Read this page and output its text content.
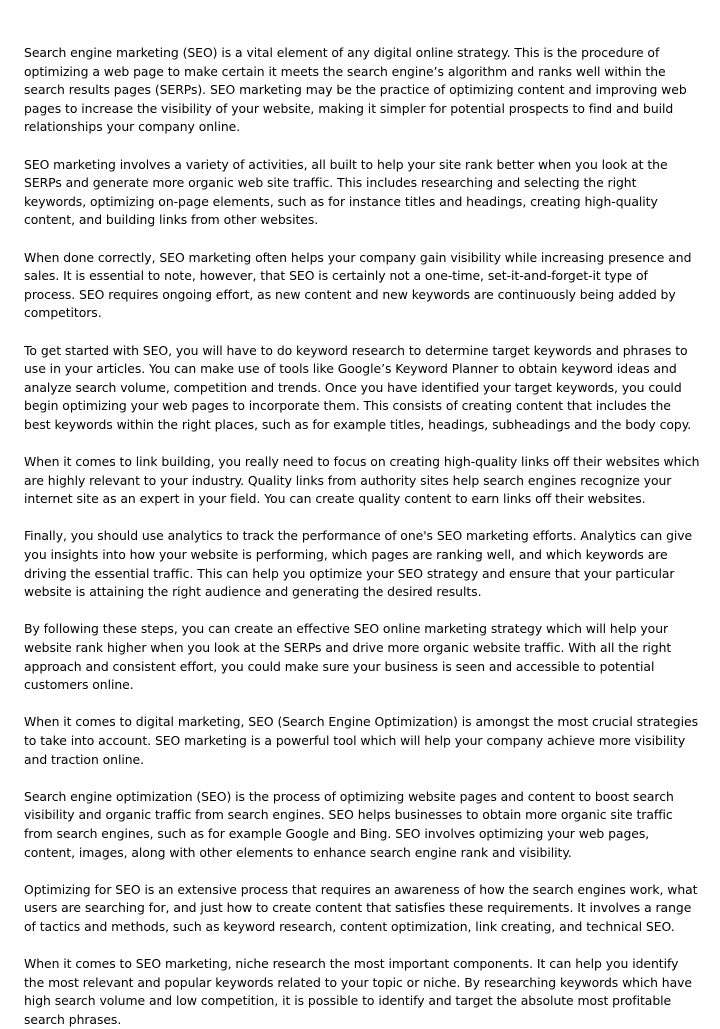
Search engine marketing (SEO) is a vital element of any digital online strategy. This is the procedure of optimizing a web page to make certain it meets the search engine’s algorithm and ranks well within the search results pages (SERPs). SEO marketing may be the practice of optimizing content and improving web pages to increase the visibility of your website, making it simpler for potential prospects to find and build relationships your company online.

SEO marketing involves a variety of activities, all built to help your site rank better when you look at the SERPs and generate more organic web site traffic. This includes researching and selecting the right keywords, optimizing on-page elements, such as for instance titles and headings, creating high-quality content, and building links from other websites.

When done correctly, SEO marketing often helps your company gain visibility while increasing presence and sales. It is essential to note, however, that SEO is certainly not a one-time, set-it-and-forget-it type of process. SEO requires ongoing effort, as new content and new keywords are continuously being added by competitors.

To get started with SEO, you will have to do keyword research to determine target keywords and phrases to use in your articles. You can make use of tools like Google’s Keyword Planner to obtain keyword ideas and analyze search volume, competition and trends. Once you have identified your target keywords, you could begin optimizing your web pages to incorporate them. This consists of creating content that includes the best keywords within the right places, such as for example titles, headings, subheadings and the body copy.

When it comes to link building, you really need to focus on creating high-quality links off their websites which are highly relevant to your industry. Quality links from authority sites help search engines recognize your internet site as an expert in your field. You can create quality content to earn links off their websites.

Finally, you should use analytics to track the performance of one's SEO marketing efforts. Analytics can give you insights into how your website is performing, which pages are ranking well, and which keywords are driving the essential traffic. This can help you optimize your SEO strategy and ensure that your particular website is attaining the right audience and generating the desired results.

By following these steps, you can create an effective SEO online marketing strategy which will help your website rank higher when you look at the SERPs and drive more organic website traffic. With all the right approach and consistent effort, you could make sure your business is seen and accessible to potential customers online.

When it comes to digital marketing, SEO (Search Engine Optimization) is amongst the most crucial strategies to take into account. SEO marketing is a powerful tool which will help your company achieve more visibility and traction online.

Search engine optimization (SEO) is the process of optimizing website pages and content to boost search visibility and organic traffic from search engines. SEO helps businesses to obtain more organic site traffic from search engines, such as for example Google and Bing. SEO involves optimizing your web pages, content, images, along with other elements to enhance search engine rank and visibility.

Optimizing for SEO is an extensive process that requires an awareness of how the search engines work, what users are searching for, and just how to create content that satisfies these requirements. It involves a range of tactics and methods, such as keyword research, content optimization, link creating, and technical SEO.

When it comes to SEO marketing, niche research the most important components. It can help you identify the most relevant and popular keywords related to your topic or niche. By researching keywords which have high search volume and low competition, it is possible to identify and target the absolute most profitable search phrases.
